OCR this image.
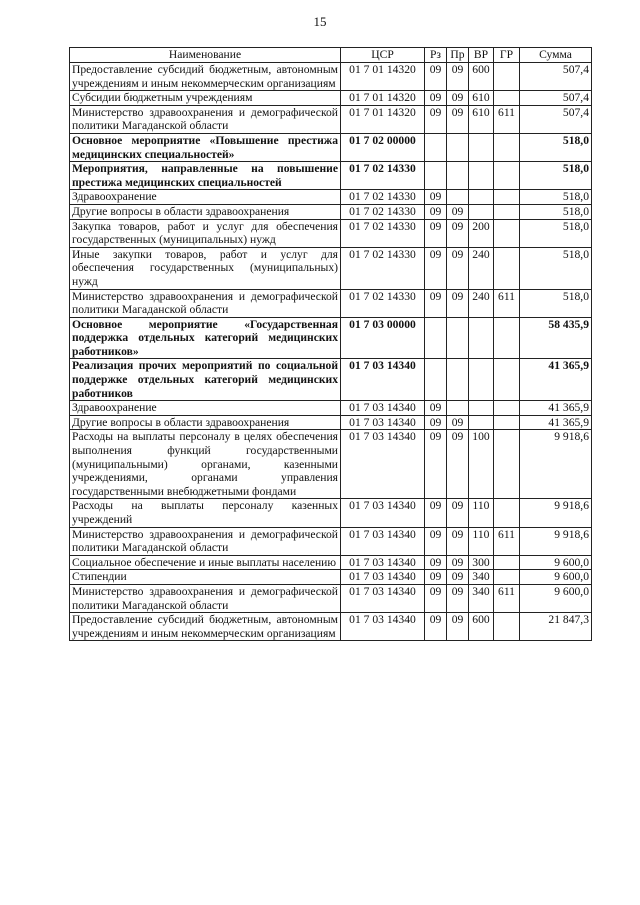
15
Наименование	ЦСР	Рз	Пр	ВР	ГР	Сумма
Предоставление субсидий бюджетным, автономным учреждениям и иным некоммерческим организациям	01 7 01 14320	09	09	600		507,4
Субсидии бюджетным учреждениям	01 7 01 14320	09	09	610		507,4
Министерство здравоохранения и демографической политики Магаданской области	01 7 01 14320	09	09	610	611	507,4
Основное мероприятие «Повышение престижа медицинских специальностей»	01 7 02 00000					518,0
Мероприятия, направленные на повышение престижа медицинских специальностей	01 7 02 14330					518,0
Здравоохранение	01 7 02 14330	09				518,0
Другие вопросы в области здравоохранения	01 7 02 14330	09	09			518,0
Закупка товаров, работ и услуг для обеспечения государственных (муниципальных) нужд	01 7 02 14330	09	09	200		518,0
Иные закупки товаров, работ и услуг для обеспечения государственных (муниципальных) нужд	01 7 02 14330	09	09	240		518,0
Министерство здравоохранения и демографической политики Магаданской области	01 7 02 14330	09	09	240	611	518,0
Основное мероприятие «Государственная поддержка отдельных категорий медицинских работников»	01 7 03 00000					58 435,9
Реализация прочих мероприятий по социальной поддержке отдельных категорий медицинских работников	01 7 03 14340					41 365,9
Здравоохранение	01 7 03 14340	09				41 365,9
Другие вопросы в области здравоохранения	01 7 03 14340	09	09			41 365,9
Расходы на выплаты персоналу в целях обеспечения выполнения функций государственными (муниципальными) органами, казенными учреждениями, органами управления государственными внебюджетными фондами	01 7 03 14340	09	09	100		9 918,6
Расходы на выплаты персоналу казенных учреждений	01 7 03 14340	09	09	110		9 918,6
Министерство здравоохранения и демографической политики Магаданской области	01 7 03 14340	09	09	110	611	9 918,6
Социальное обеспечение и иные выплаты населению	01 7 03 14340	09	09	300		9 600,0
Стипендии	01 7 03 14340	09	09	340		9 600,0
Министерство здравоохранения и демографической политики Магаданской области	01 7 03 14340	09	09	340	611	9 600,0
Предоставление субсидий бюджетным, автономным учреждениям и иным некоммерческим организациям	01 7 03 14340	09	09	600		21 847,3
